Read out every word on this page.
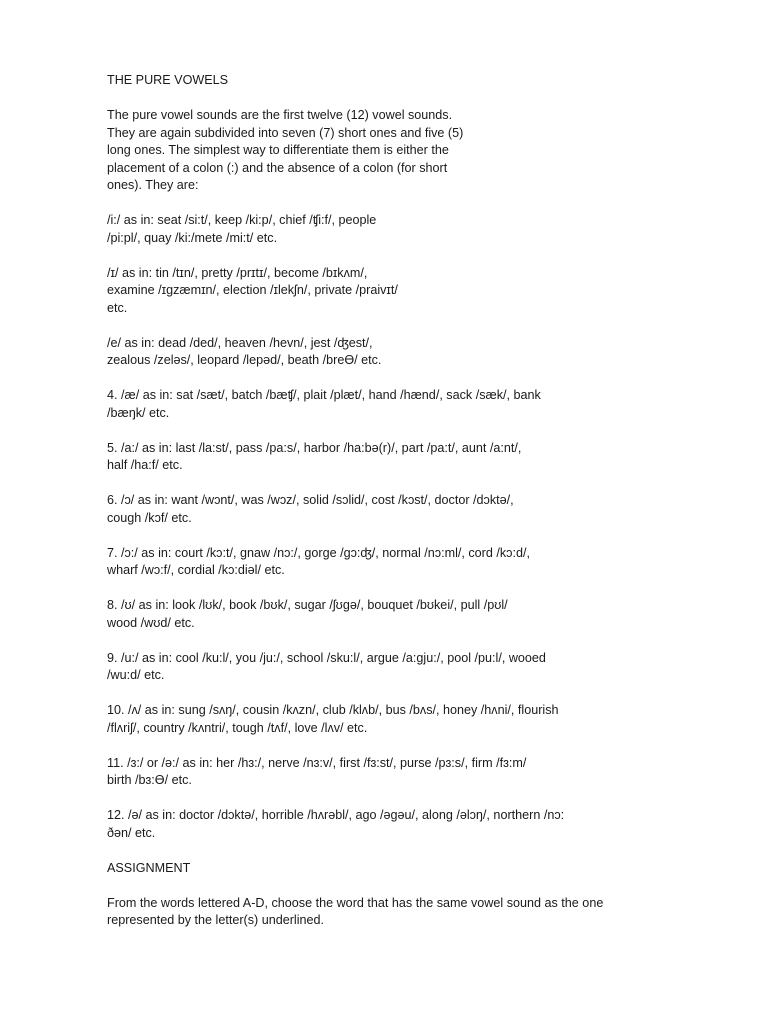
THE PURE VOWELS

The pure vowel sounds are the first twelve (12) vowel sounds.
They are again subdivided into seven (7) short ones and five (5)
long ones. The simplest way to differentiate them is either the
placement of a colon (:) and the absence of a colon (for short
ones). They are:

/i:/ as in: seat /si:t/, keep /ki:p/, chief /ʧi:f/, people
/pi:pl/, quay /ki:/mete /mi:t/ etc.

/ɪ/ as in: tin /tɪn/, pretty /prɪtɪ/, become /bɪkʌm/,
examine /ɪgzæmɪn/, election /ɪlekʃn/, private /praivɪt/
etc.

/e/ as in: dead /ded/, heaven /hevn/, jest /ʤest/,
zealous /zeləs/, leopard /lepəd/, beath /breϴ/ etc.

4. /æ/ as in: sat /sæt/, batch /bæʧ/, plait /plæt/, hand /hænd/, sack /sæk/, bank
/bæŋk/ etc.

5. /a:/ as in: last /la:st/, pass /pa:s/, harbor /ha:bə(r)/, part /pa:t/, aunt /a:nt/,
half /ha:f/ etc.

6. /ɔ/ as in: want /wɔnt/, was /wɔz/, solid /sɔlid/, cost /kɔst/, doctor /dɔktə/,
cough /kɔf/ etc.

7. /ɔ:/ as in: court /kɔ:t/, gnaw /nɔ:/, gorge /gɔ:ʤ/, normal /nɔ:ml/, cord /kɔ:d/,
wharf /wɔ:f/, cordial /kɔ:diəl/ etc.

8. /ʊ/ as in: look /lʊk/, book /bʊk/, sugar /ʃʊgə/, bouquet /bʊkei/, pull /pʊl/
wood /wʊd/ etc.

9. /u:/ as in: cool /ku:l/, you /ju:/, school /sku:l/, argue /a:gju:/, pool /pu:l/, wooed
/wu:d/ etc.

10. /ʌ/ as in: sung /sʌŋ/, cousin /kʌzn/, club /klʌb/, bus /bʌs/, honey /hʌni/, flourish
/flʌriʃ/, country /kʌntri/, tough /tʌf/, love /lʌv/ etc.

11. /ɜ:/ or /ə:/ as in: her /hɜ:/, nerve /nɜ:v/, first /fɜ:st/, purse /pɜ:s/, firm /fɜ:m/
birth /bɜ:ϴ/ etc.

12. /ə/ as in: doctor /dɔktə/, horrible /hʌrəbl/, ago /əgəu/, along /əlɔŋ/, northern /nɔ:
ðən/ etc.

ASSIGNMENT

From the words lettered A-D, choose the word that has the same vowel sound as the one
represented by the letter(s) underlined.
